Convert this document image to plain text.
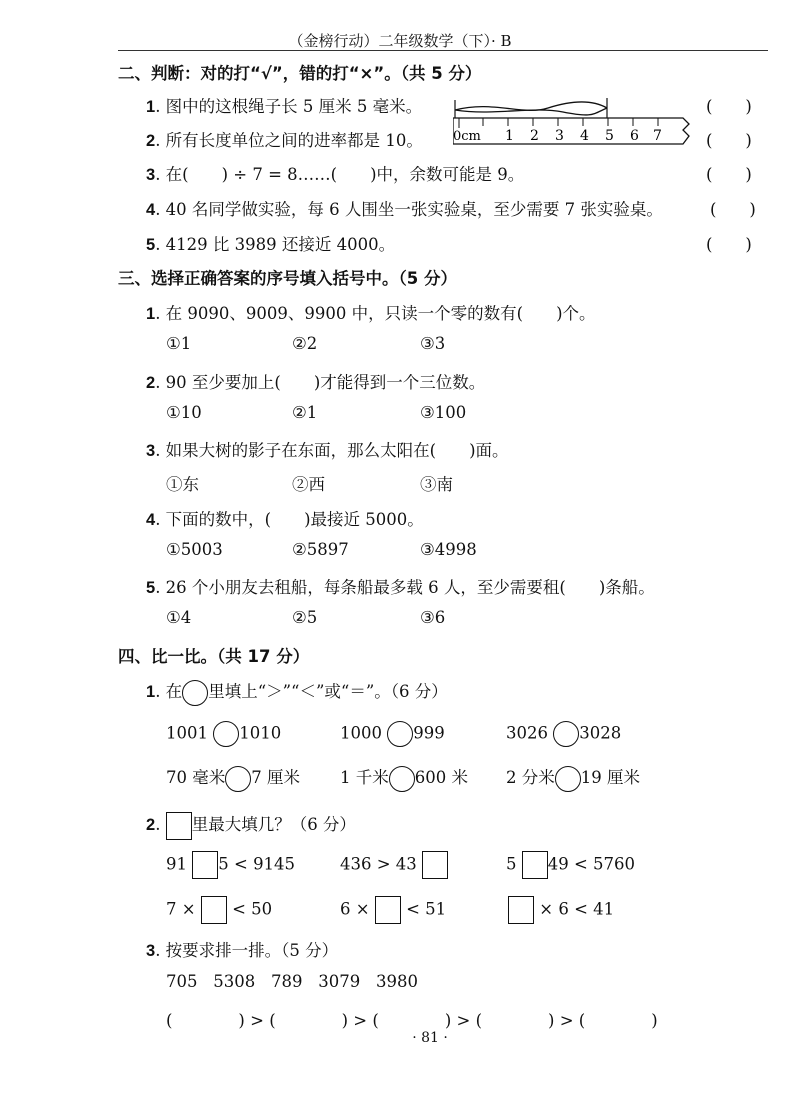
（金榜行动）二年级数学（下）· B
二、判断：对的打“√”，错的打“×”。（共 5 分）
1. 图中的这根绳子长 5 厘米 5 毫米。	(　　)
2. 所有长度单位之间的进率都是 10。	(　　)
0cm 1 2 3 4 5 6 7
3. 在(　　) ÷ 7 = 8……(　　)中，余数可能是 9。	(　　)
4. 40 名同学做实验，每 6 人围坐一张实验桌，至少需要 7 张实验桌。	(　　)
5. 4129 比 3989 还接近 4000。	(　　)
三、选择正确答案的序号填入括号中。（5 分）
1. 在 9090、9009、9900 中，只读一个零的数有(　　)个。
①1	②2	③3
2. 90 至少要加上(　　)才能得到一个三位数。
①10	②1	③100
3. 如果大树的影子在东面，那么太阳在(　　)面。
①东	②西	③南
4. 下面的数中，(　　)最接近 5000。
①5003	②5897	③4998
5. 26 个小朋友去租船，每条船最多载 6 人，至少需要租(　　)条船。
①4	②5	③6
四、比一比。（共 17 分）
1. 在 里填上“＞”“＜”或“＝”。（6 分）
1001 1010	1000 999	3026 3028
70 毫米 7 厘米 1 千米 600 米 2 分米 19 厘米
2. 里最大填几？（6 分）
91 5 < 9145	436 > 43	5 49 < 5760
7 × < 50	6 × < 51	× 6 < 41
3. 按要求排一排。（5 分）
705 5308 789 3079 3980
(　　　　) > (　　　　) > (　　　　) > (　　　　) > (　　　　)
· 81 ·
